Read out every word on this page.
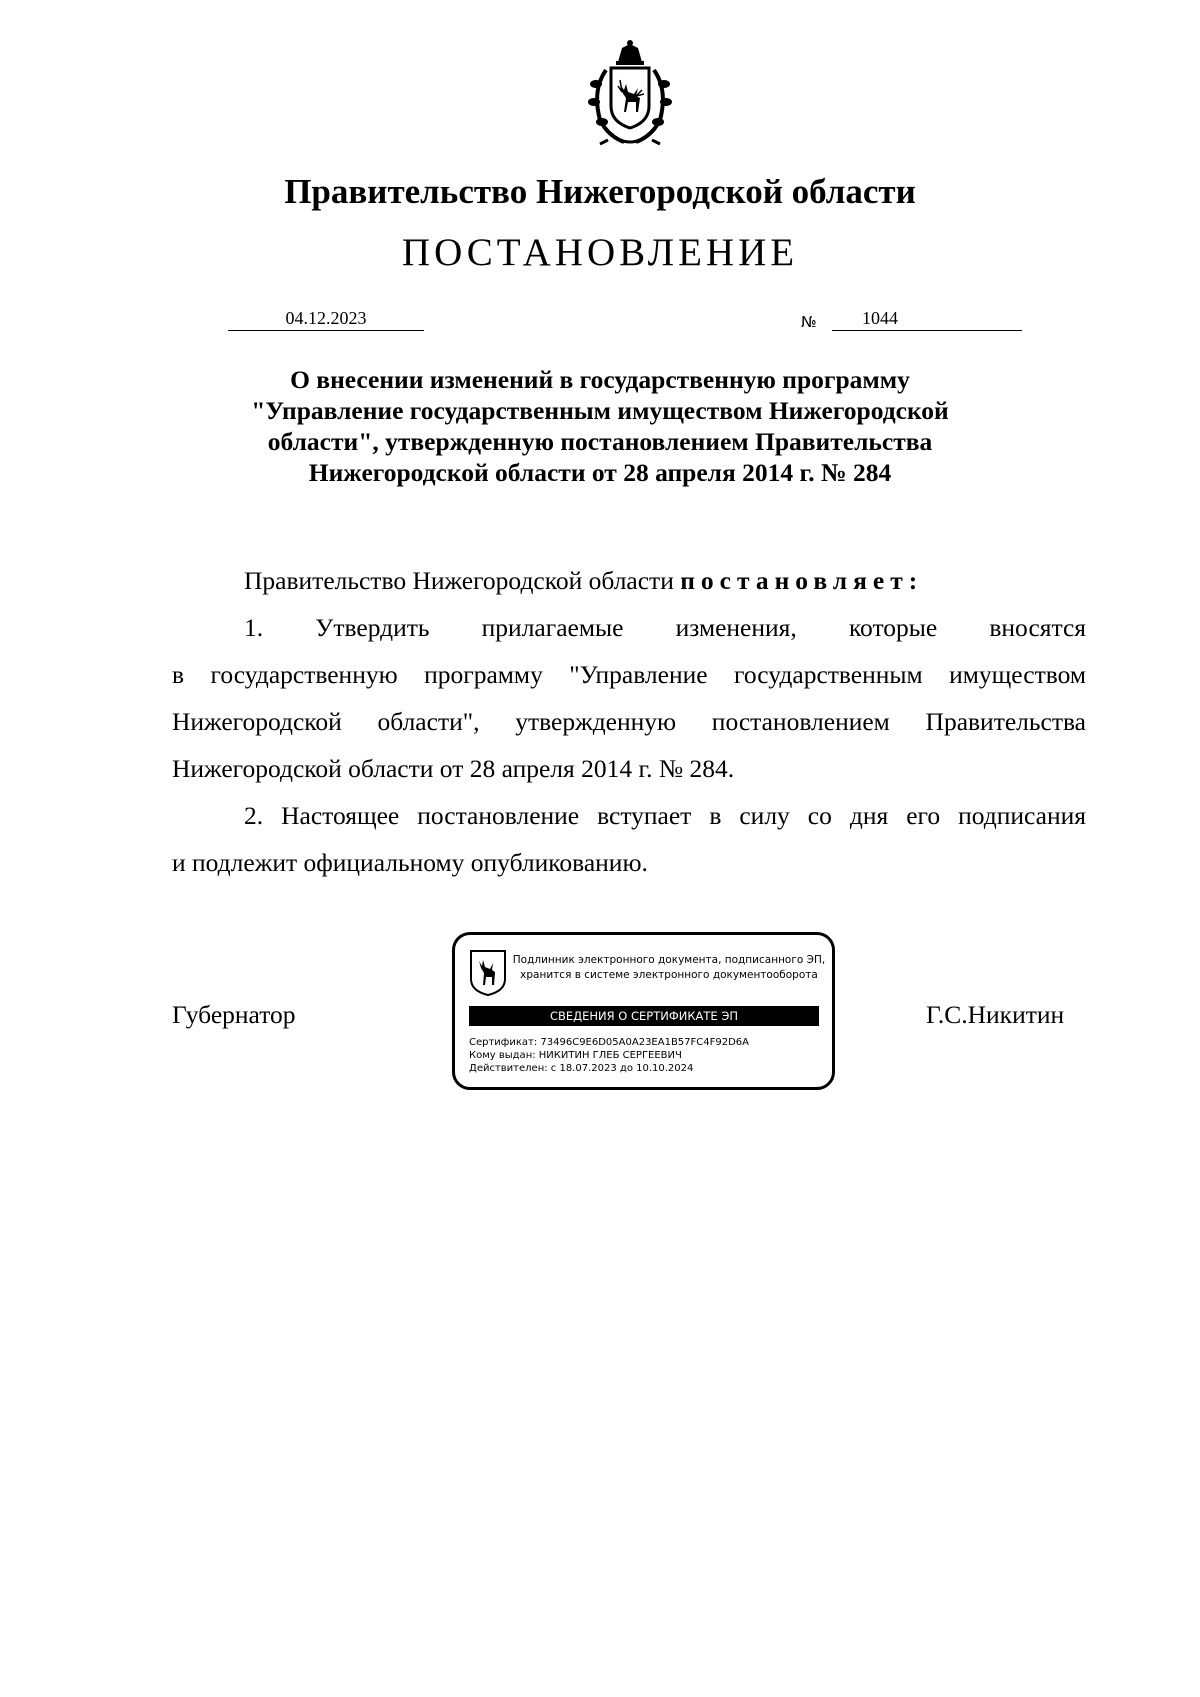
Правительство Нижегородской области
ПОСТАНОВЛЕНИЕ
04.12.2023	№	1044
О внесении изменений в государственную программу
"Управление государственным имуществом Нижегородской
области", утвержденную постановлением Правительства
Нижегородской области от 28 апреля 2014 г. № 284
Правительство Нижегородской области постановляет:
1. Утвердить прилагаемые изменения, которые вносятся
в государственную программу "Управление государственным имуществом
Нижегородской области", утвержденную постановлением Правительства
Нижегородской области от 28 апреля 2014 г. № 284.
2. Настоящее постановление вступает в силу со дня его подписания
и подлежит официальному опубликованию.
Губернатор
Подлинник электронного документа, подписанного ЭП,
хранится в системе электронного документооборота
СВЕДЕНИЯ О СЕРТИФИКАТЕ ЭП
Сертификат: 73496C9E6D05A0A23EA1B57FC4F92D6A
Кому выдан: НИКИТИН ГЛЕБ СЕРГЕЕВИЧ
Действителен: с 18.07.2023 до 10.10.2024
Г.С.Никитин
